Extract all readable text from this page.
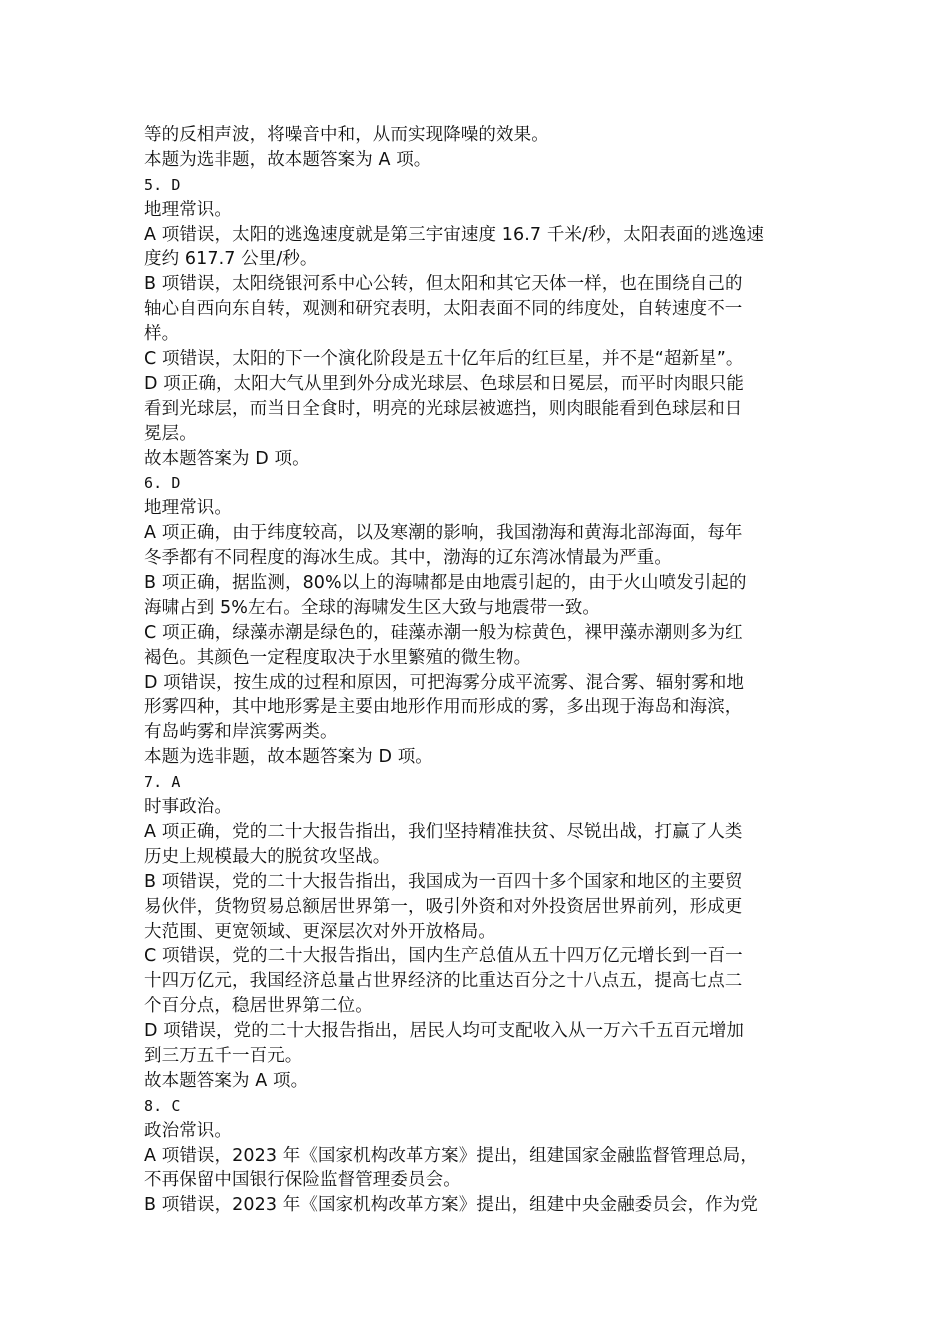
等的反相声波，将噪音中和，从而实现降噪的效果。
本题为选非题，故本题答案为 A 项。
5. D
地理常识。
A 项错误，太阳的逃逸速度就是第三宇宙速度 16.7 千米/秒，太阳表面的逃逸速
度约 617.7 公里/秒。
B 项错误，太阳绕银河系中心公转，但太阳和其它天体一样，也在围绕自己的
轴心自西向东自转，观测和研究表明，太阳表面不同的纬度处，自转速度不一
样。
C 项错误，太阳的下一个演化阶段是五十亿年后的红巨星，并不是“超新星”。
D 项正确，太阳大气从里到外分成光球层、色球层和日冕层，而平时肉眼只能
看到光球层，而当日全食时，明亮的光球层被遮挡，则肉眼能看到色球层和日
冕层。
故本题答案为 D 项。
6. D
地理常识。
A 项正确，由于纬度较高，以及寒潮的影响，我国渤海和黄海北部海面，每年
冬季都有不同程度的海冰生成。其中，渤海的辽东湾冰情最为严重。
B 项正确，据监测，80%以上的海啸都是由地震引起的，由于火山喷发引起的
海啸占到 5%左右。全球的海啸发生区大致与地震带一致。
C 项正确，绿藻赤潮是绿色的，硅藻赤潮一般为棕黄色，裸甲藻赤潮则多为红
褐色。其颜色一定程度取决于水里繁殖的微生物。
D 项错误，按生成的过程和原因，可把海雾分成平流雾、混合雾、辐射雾和地
形雾四种，其中地形雾是主要由地形作用而形成的雾，多出现于海岛和海滨，
有岛屿雾和岸滨雾两类。
本题为选非题，故本题答案为 D 项。
7. A
时事政治。
A 项正确，党的二十大报告指出，我们坚持精准扶贫、尽锐出战，打赢了人类
历史上规模最大的脱贫攻坚战。
B 项错误，党的二十大报告指出，我国成为一百四十多个国家和地区的主要贸
易伙伴，货物贸易总额居世界第一，吸引外资和对外投资居世界前列，形成更
大范围、更宽领域、更深层次对外开放格局。
C 项错误，党的二十大报告指出，国内生产总值从五十四万亿元增长到一百一
十四万亿元，我国经济总量占世界经济的比重达百分之十八点五，提高七点二
个百分点，稳居世界第二位。
D 项错误，党的二十大报告指出，居民人均可支配收入从一万六千五百元增加
到三万五千一百元。
故本题答案为 A 项。
8. C
政治常识。
A 项错误，2023 年《国家机构改革方案》提出，组建国家金融监督管理总局，
不再保留中国银行保险监督管理委员会。
B 项错误，2023 年《国家机构改革方案》提出，组建中央金融委员会，作为党
